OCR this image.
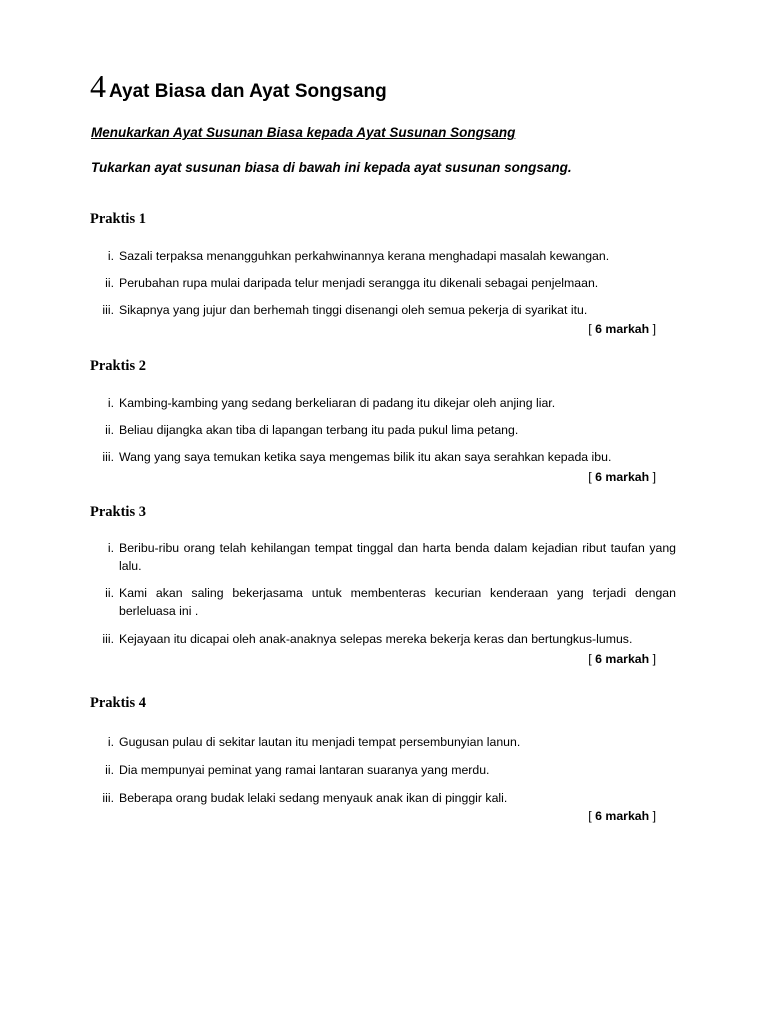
4 Ayat Biasa dan Ayat Songsang
Menukarkan Ayat Susunan Biasa kepada Ayat Susunan Songsang
Tukarkan ayat susunan biasa di bawah ini kepada ayat susunan songsang.
Praktis 1
i. Sazali terpaksa menangguhkan perkahwinannya kerana menghadapi masalah kewangan.
ii. Perubahan rupa mulai daripada telur menjadi serangga itu dikenali sebagai penjelmaan.
iii. Sikapnya yang jujur dan berhemah tinggi disenangi oleh semua pekerja di syarikat itu.
[ 6 markah ]
Praktis 2
i. Kambing-kambing yang sedang berkeliaran di padang itu dikejar oleh anjing liar.
ii. Beliau dijangka akan tiba di lapangan terbang itu pada pukul lima petang.
iii. Wang yang saya temukan ketika saya mengemas bilik itu akan saya serahkan kepada ibu.
[ 6 markah ]
Praktis 3
i. Beribu-ribu orang telah kehilangan tempat tinggal dan harta benda dalam kejadian ribut taufan yang lalu.
ii. Kami akan saling bekerjasama untuk membenteras kecurian kenderaan yang terjadi dengan berleluasa ini .
iii. Kejayaan itu dicapai oleh anak-anaknya selepas mereka bekerja keras dan bertungkus-lumus.
[ 6 markah ]
Praktis 4
i. Gugusan pulau di sekitar lautan itu menjadi tempat persembunyian lanun.
ii. Dia mempunyai peminat yang ramai lantaran suaranya yang merdu.
iii. Beberapa orang budak lelaki sedang menyauk anak ikan di pinggir kali.
[ 6 markah ]
